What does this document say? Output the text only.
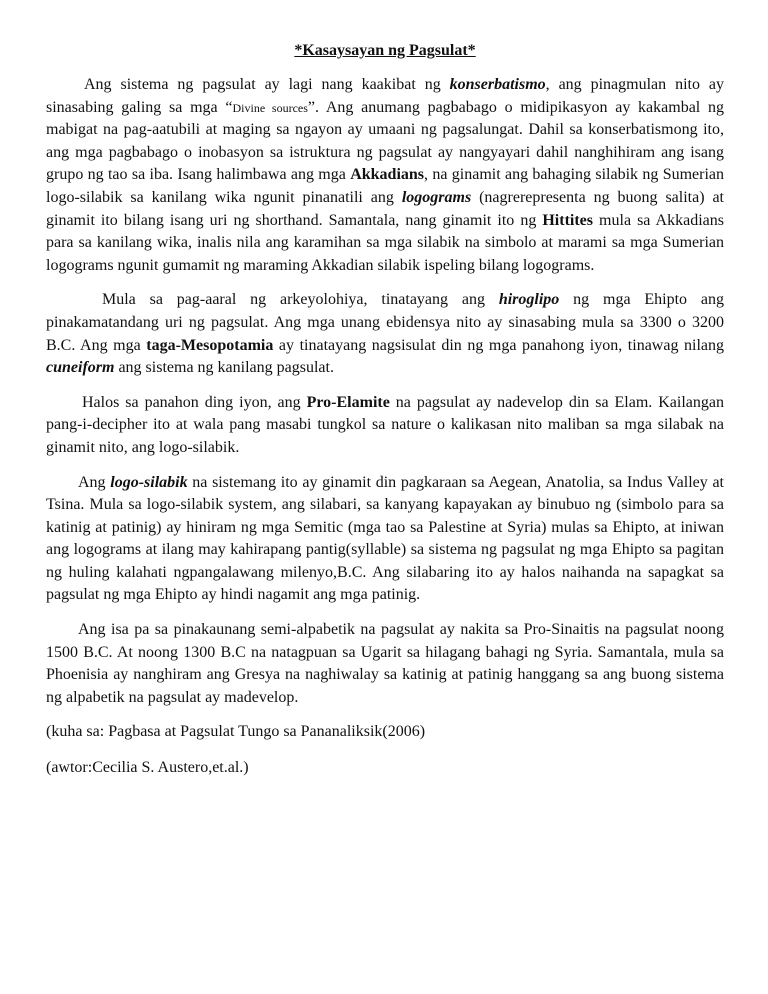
*Kasaysayan ng Pagsulat*

Ang sistema ng pagsulat ay lagi nang kaakibat ng konserbatismo, ang pinagmulan nito ay sinasabing galing sa mga “Divine sources”. Ang anumang pagbabago o midipikasyon ay kakambal ng mabigat na pag-aatubili at maging sa ngayon ay umaani ng pagsalungat. Dahil sa konserbatismong ito, ang mga pagbabago o inobasyon sa istruktura ng pagsulat ay nangyayari dahil nanghihiram ang isang grupo ng tao sa iba. Isang halimbawa ang mga Akkadians, na ginamit ang bahaging silabik ng Sumerian logo-silabik sa kanilang wika ngunit pinanatili ang logograms (nagrerepresenta ng buong salita) at ginamit ito bilang isang uri ng shorthand. Samantala, nang ginamit ito ng Hittites mula sa Akkadians para sa kanilang wika, inalis nila ang karamihan sa mga silabik na simbolo at marami sa mga Sumerian logograms ngunit gumamit ng maraming Akkadian silabik ispeling bilang logograms.

Mula sa pag-aaral ng arkeyolohiya, tinatayang ang hiroglipo ng mga Ehipto ang pinakamatandang uri ng pagsulat. Ang mga unang ebidensya nito ay sinasabing mula sa 3300 o 3200 B.C. Ang mga taga-Mesopotamia ay tinatayang nagsisulat din ng mga panahong iyon, tinawag nilang cuneiform ang sistema ng kanilang pagsulat.

Halos sa panahon ding iyon, ang Pro-Elamite na pagsulat ay nadevelop din sa Elam. Kailangan pang-i-decipher ito at wala pang masabi tungkol sa nature o kalikasan nito maliban sa mga silabak na ginamit nito, ang logo-silabik.

Ang logo-silabik na sistemang ito ay ginamit din pagkaraan sa Aegean, Anatolia, sa Indus Valley at Tsina. Mula sa logo-silabik system, ang silabari, sa kanyang kapayakan ay binubuo ng (simbolo para sa katinig at patinig) ay hiniram ng mga Semitic (mga tao sa Palestine at Syria) mulas sa Ehipto, at iniwan ang logograms at ilang may kahirapang pantig(syllable) sa sistema ng pagsulat ng mga Ehipto sa pagitan ng huling kalahati ngpangalawang milenyo,B.C. Ang silabaring ito ay halos naihanda na sapagkat sa pagsulat ng mga Ehipto ay hindi nagamit ang mga patinig.

Ang isa pa sa pinakaunang semi-alpabetik na pagsulat ay nakita sa Pro-Sinaitis na pagsulat noong 1500 B.C. At noong 1300 B.C na natagpuan sa Ugarit sa hilagang bahagi ng Syria. Samantala, mula sa Phoenisia ay nanghiram ang Gresya na naghiwalay sa katinig at patinig hanggang sa ang buong sistema ng alpabetik na pagsulat ay madevelop.

(kuha sa: Pagbasa at Pagsulat Tungo sa Pananaliksik(2006)

(awtor:Cecilia S. Austero,et.al.)
